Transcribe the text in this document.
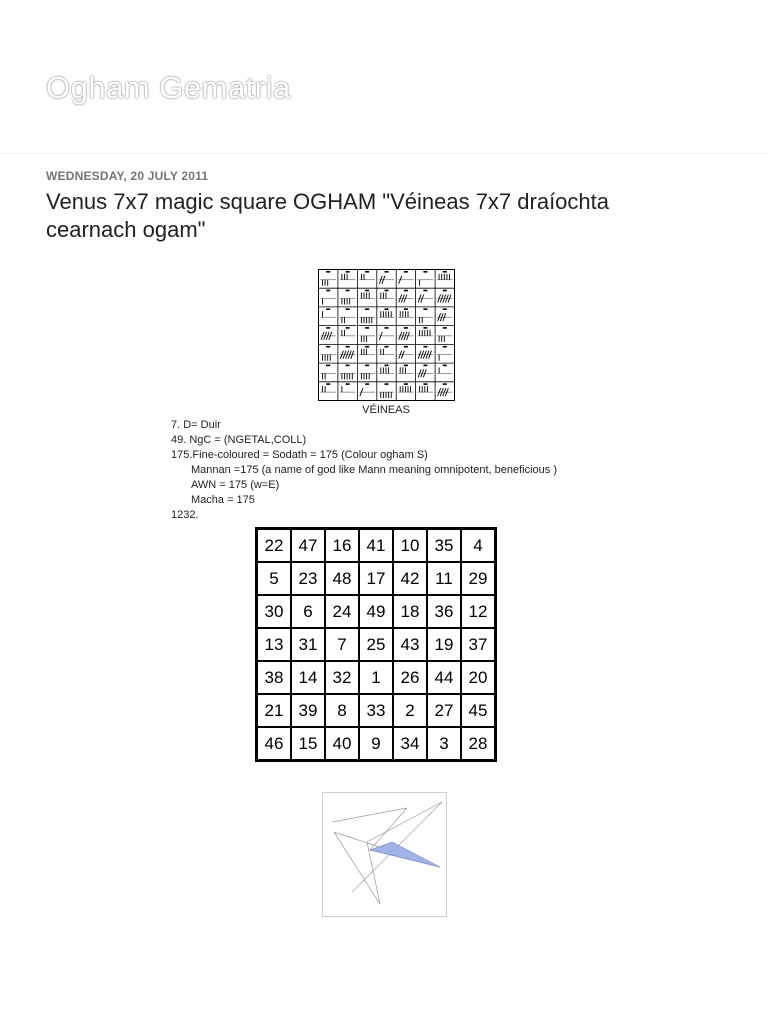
Ogham Gematria
WEDNESDAY, 20 JULY 2011
Venus 7x7 magic square OGHAM "Véineas 7x7 draíochta cearnach ogam"
VÉINEAS
7. D= Duir
49. NgC = (NGETAL,COLL)
175.Fine-coloured = Sodath = 175 (Colour ogham S)
Mannan =175 (a name of god like Mann meaning omnipotent, beneficious )
AWN = 175 (w=E)
Macha = 175
1232.
22	47	16	41	10	35	4
5	23	48	17	42	11	29
30	6	24	49	18	36	12
13	31	7	25	43	19	37
38	14	32	1	26	44	20
21	39	8	33	2	27	45
46	15	40	9	34	3	28
